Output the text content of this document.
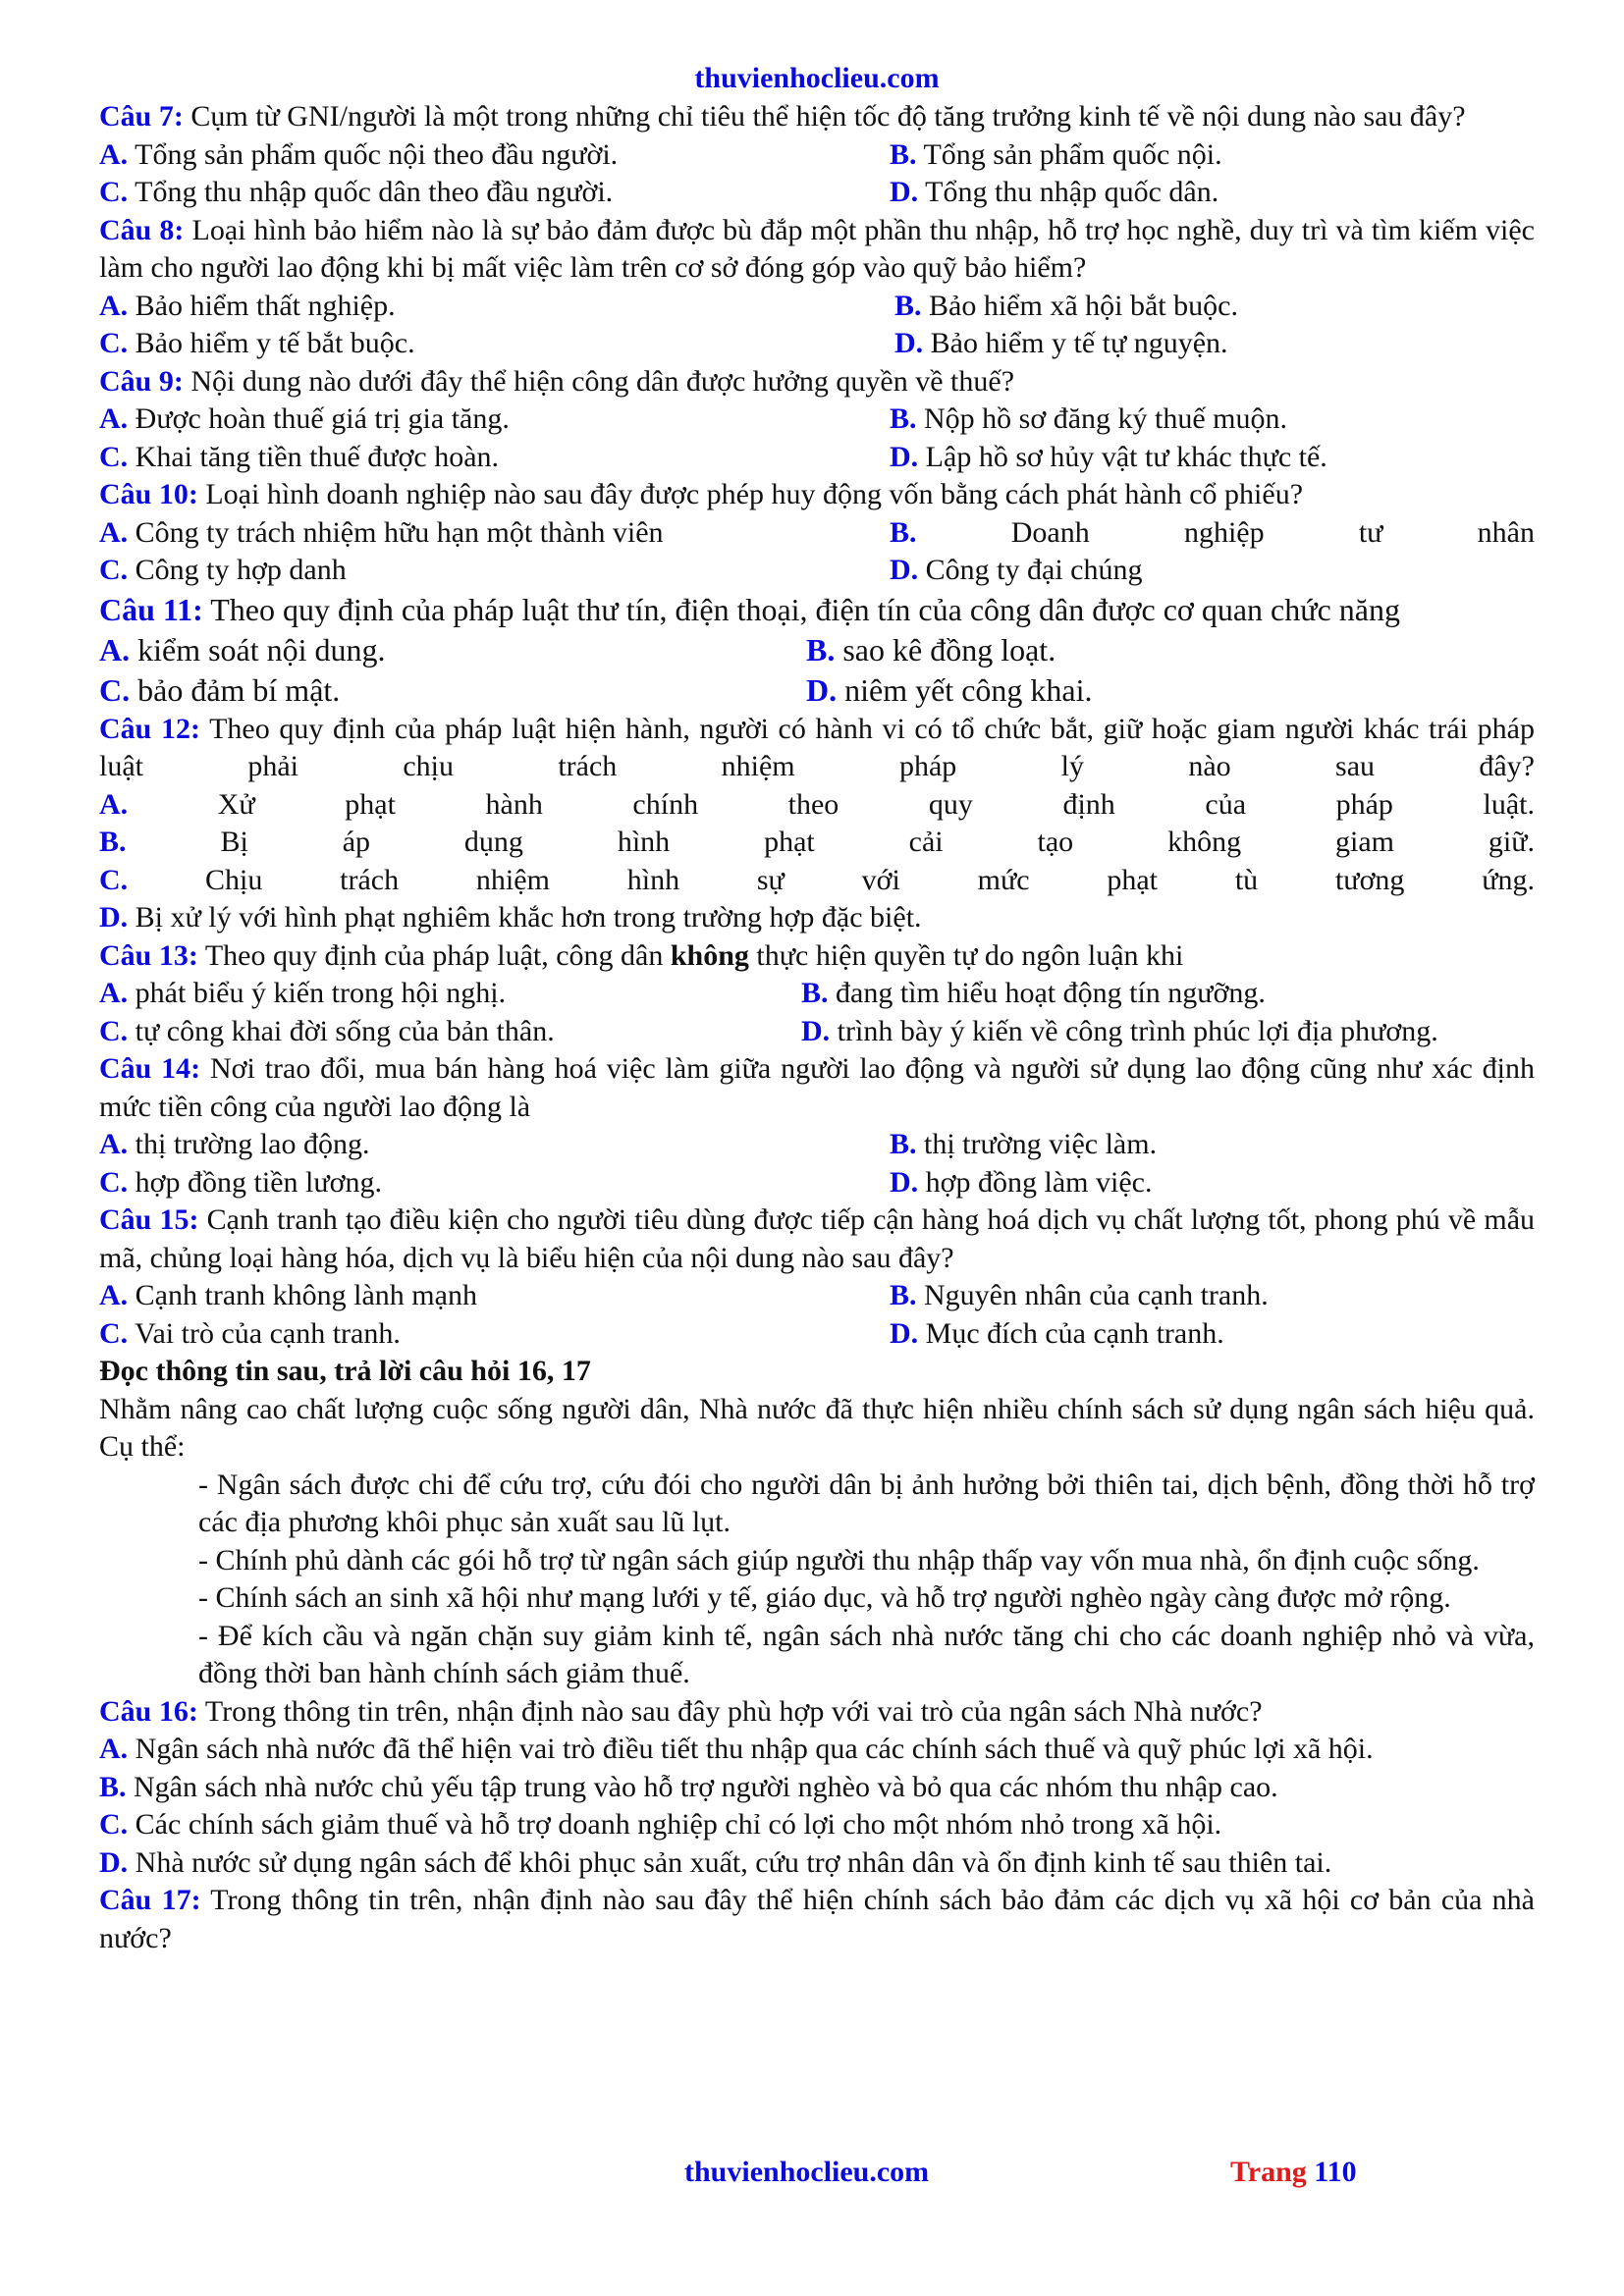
thuvienhoclieu.com
Câu 7: Cụm từ GNI/người là một trong những chỉ tiêu thể hiện tốc độ tăng trưởng kinh tế về nội dung nào sau đây?
A. Tổng sản phẩm quốc nội theo đầu người.	B. Tổng sản phẩm quốc nội.
C. Tổng thu nhập quốc dân theo đầu người.	D. Tổng thu nhập quốc dân.
Câu 8: Loại hình bảo hiểm nào là sự bảo đảm được bù đắp một phần thu nhập, hỗ trợ học nghề, duy trì và tìm kiếm việc làm cho người lao động khi bị mất việc làm trên cơ sở đóng góp vào quỹ bảo hiểm?
A. Bảo hiểm thất nghiệp.	B. Bảo hiểm xã hội bắt buộc.
C. Bảo hiểm y tế bắt buộc.	D. Bảo hiểm y tế tự nguyện.
Câu 9: Nội dung nào dưới đây thể hiện công dân được hưởng quyền về thuế?
A. Được hoàn thuế giá trị gia tăng.	B. Nộp hồ sơ đăng ký thuế muộn.
C. Khai tăng tiền thuế được hoàn.	D. Lập hồ sơ hủy vật tư khác thực tế.
Câu 10: Loại hình doanh nghiệp nào sau đây được phép huy động vốn bằng cách phát hành cổ phiếu?
A. Công ty trách nhiệm hữu hạn một thành viên	B.	Doanh nghiệp tư nhân
C. Công ty hợp danh	D. Công ty đại chúng
Câu 11: Theo quy định của pháp luật thư tín, điện thoại, điện tín của công dân được cơ quan chức năng
A. kiểm soát nội dung.	B. sao kê đồng loạt.
C. bảo đảm bí mật.	D. niêm yết công khai.
Câu 12: Theo quy định của pháp luật hiện hành, người có hành vi có tổ chức bắt, giữ hoặc giam người khác trái pháp luật phải chịu trách nhiệm pháp lý nào sau đây?
A.	Xử phạt hành chính theo quy định của pháp luật.
B.	Bị áp dụng hình phạt cải tạo không giam giữ.
C.	Chịu trách nhiệm hình sự với mức phạt tù tương ứng.
D. Bị xử lý với hình phạt nghiêm khắc hơn trong trường hợp đặc biệt.
Câu 13: Theo quy định của pháp luật, công dân không thực hiện quyền tự do ngôn luận khi
A. phát biểu ý kiến trong hội nghị.	B. đang tìm hiểu hoạt động tín ngưỡng.
C. tự công khai đời sống của bản thân.	D. trình bày ý kiến về công trình phúc lợi địa phương.
Câu 14: Nơi trao đổi, mua bán hàng hoá việc làm giữa người lao động và người sử dụng lao động cũng như xác định mức tiền công của người lao động là
A. thị trường lao động.	B. thị trường việc làm.
C. hợp đồng tiền lương.	D. hợp đồng làm việc.
Câu 15: Cạnh tranh tạo điều kiện cho người tiêu dùng được tiếp cận hàng hoá dịch vụ chất lượng tốt, phong phú về mẫu mã, chủng loại hàng hóa, dịch vụ là biểu hiện của nội dung nào sau đây?
A. Cạnh tranh không lành mạnh	B. Nguyên nhân của cạnh tranh.
C. Vai trò của cạnh tranh.	D. Mục đích của cạnh tranh.
Đọc thông tin sau, trả lời câu hỏi 16, 17
Nhằm nâng cao chất lượng cuộc sống người dân, Nhà nước đã thực hiện nhiều chính sách sử dụng ngân sách hiệu quả. Cụ thể:
- Ngân sách được chi để cứu trợ, cứu đói cho người dân bị ảnh hưởng bởi thiên tai, dịch bệnh, đồng thời hỗ trợ các địa phương khôi phục sản xuất sau lũ lụt.
- Chính phủ dành các gói hỗ trợ từ ngân sách giúp người thu nhập thấp vay vốn mua nhà, ổn định cuộc sống.
- Chính sách an sinh xã hội như mạng lưới y tế, giáo dục, và hỗ trợ người nghèo ngày càng được mở rộng.
- Để kích cầu và ngăn chặn suy giảm kinh tế, ngân sách nhà nước tăng chi cho các doanh nghiệp nhỏ và vừa, đồng thời ban hành chính sách giảm thuế.
Câu 16: Trong thông tin trên, nhận định nào sau đây phù hợp với vai trò của ngân sách Nhà nước?
A. Ngân sách nhà nước đã thể hiện vai trò điều tiết thu nhập qua các chính sách thuế và quỹ phúc lợi xã hội.
B. Ngân sách nhà nước chủ yếu tập trung vào hỗ trợ người nghèo và bỏ qua các nhóm thu nhập cao.
C. Các chính sách giảm thuế và hỗ trợ doanh nghiệp chỉ có lợi cho một nhóm nhỏ trong xã hội.
D. Nhà nước sử dụng ngân sách để khôi phục sản xuất, cứu trợ nhân dân và ổn định kinh tế sau thiên tai.
Câu 17: Trong thông tin trên, nhận định nào sau đây thể hiện chính sách bảo đảm các dịch vụ xã hội cơ bản của nhà nước?
thuvienhoclieu.com	Trang 110
